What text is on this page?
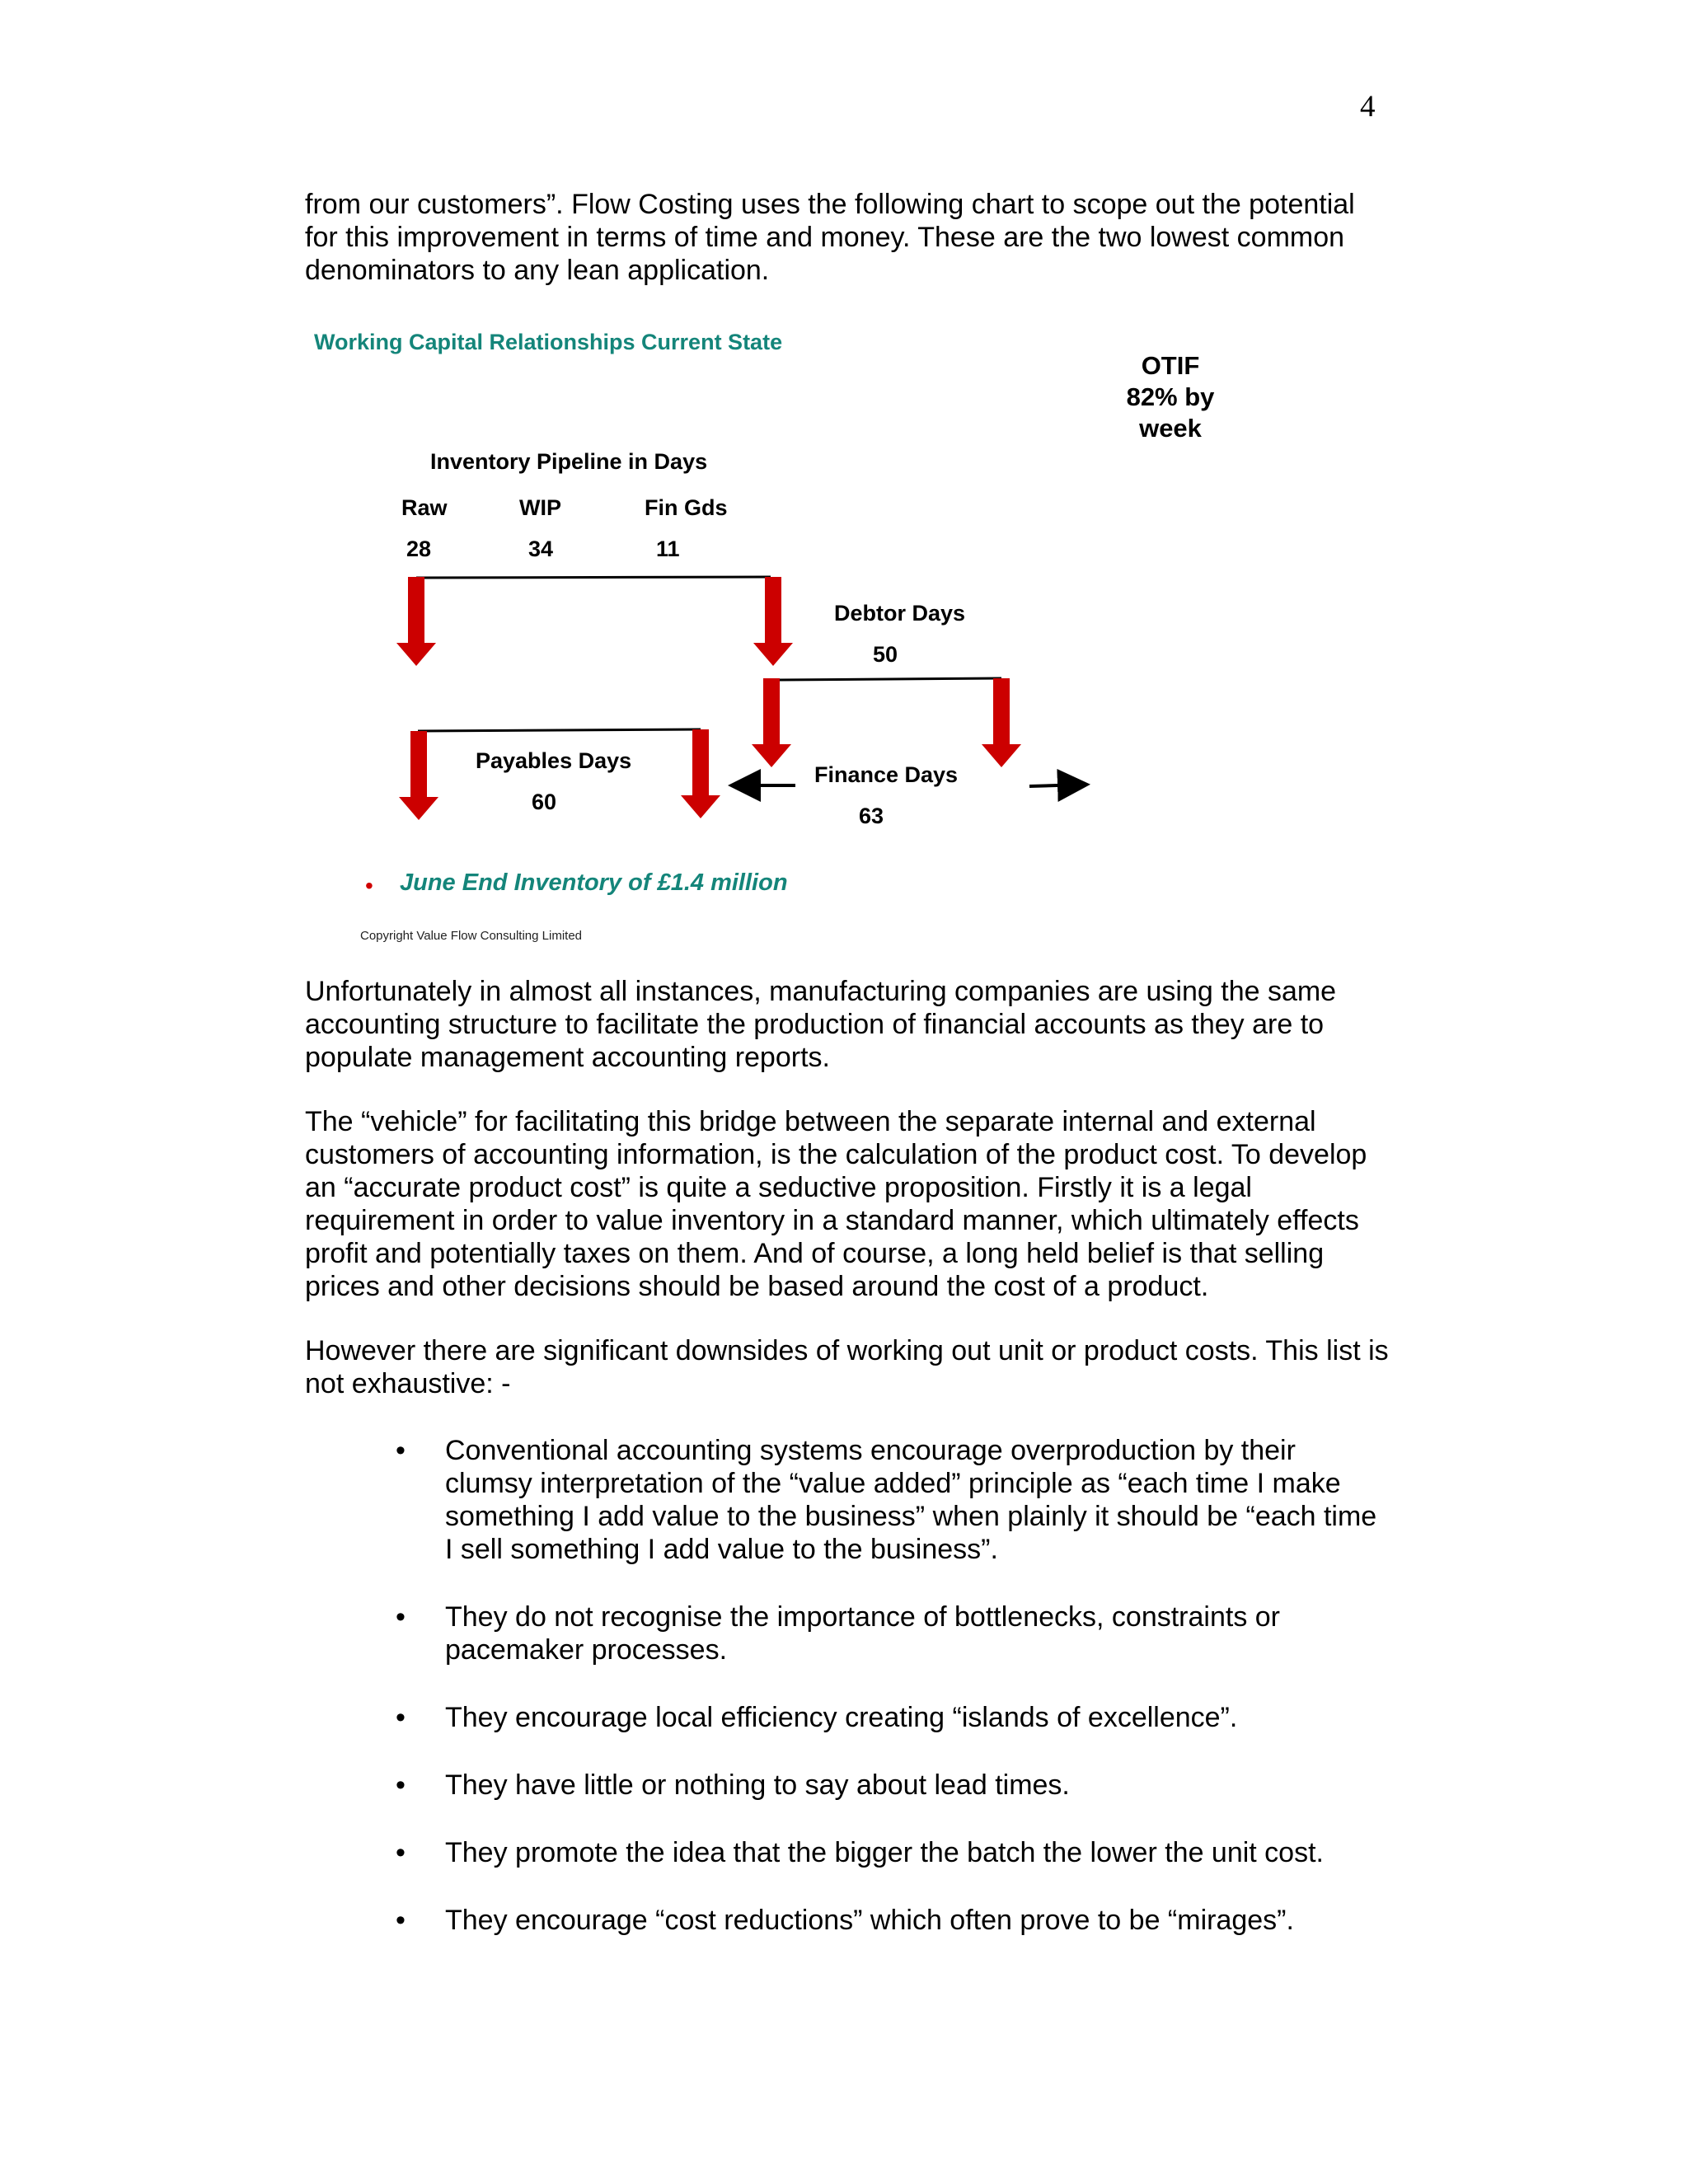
4

from our customers”. Flow Costing uses the following chart to scope out the potential for this improvement in terms of time and money. These are the two lowest common denominators to any lean application.

Working Capital Relationships Current State
OTIF
82% by
week
Inventory Pipeline in Days
Raw	WIP	Fin Gds
28	34	11
Debtor Days
50
Payables Days
60
Finance Days
63
• June End Inventory of £1.4 million
Copyright Value Flow Consulting Limited

Unfortunately in almost all instances, manufacturing companies are using the same accounting structure to facilitate the production of financial accounts as they are to populate management accounting reports.

The “vehicle” for facilitating this bridge between the separate internal and external customers of accounting information, is the calculation of the product cost. To develop an “accurate product cost” is quite a seductive proposition. Firstly it is a legal requirement in order to value inventory in a standard manner, which ultimately effects profit and potentially taxes on them. And of course, a long held belief is that selling prices and other decisions should be based around the cost of a product.

However there are significant downsides of working out unit or product costs. This list is not exhaustive: -

• Conventional accounting systems encourage overproduction by their clumsy interpretation of the “value added” principle as “each time I make something I add value to the business” when plainly it should be “each time I sell something I add value to the business”.
• They do not recognise the importance of bottlenecks, constraints or pacemaker processes.
• They encourage local efficiency creating “islands of excellence”.
• They have little or nothing to say about lead times.
• They promote the idea that the bigger the batch the lower the unit cost.
• They encourage “cost reductions” which often prove to be “mirages”.
